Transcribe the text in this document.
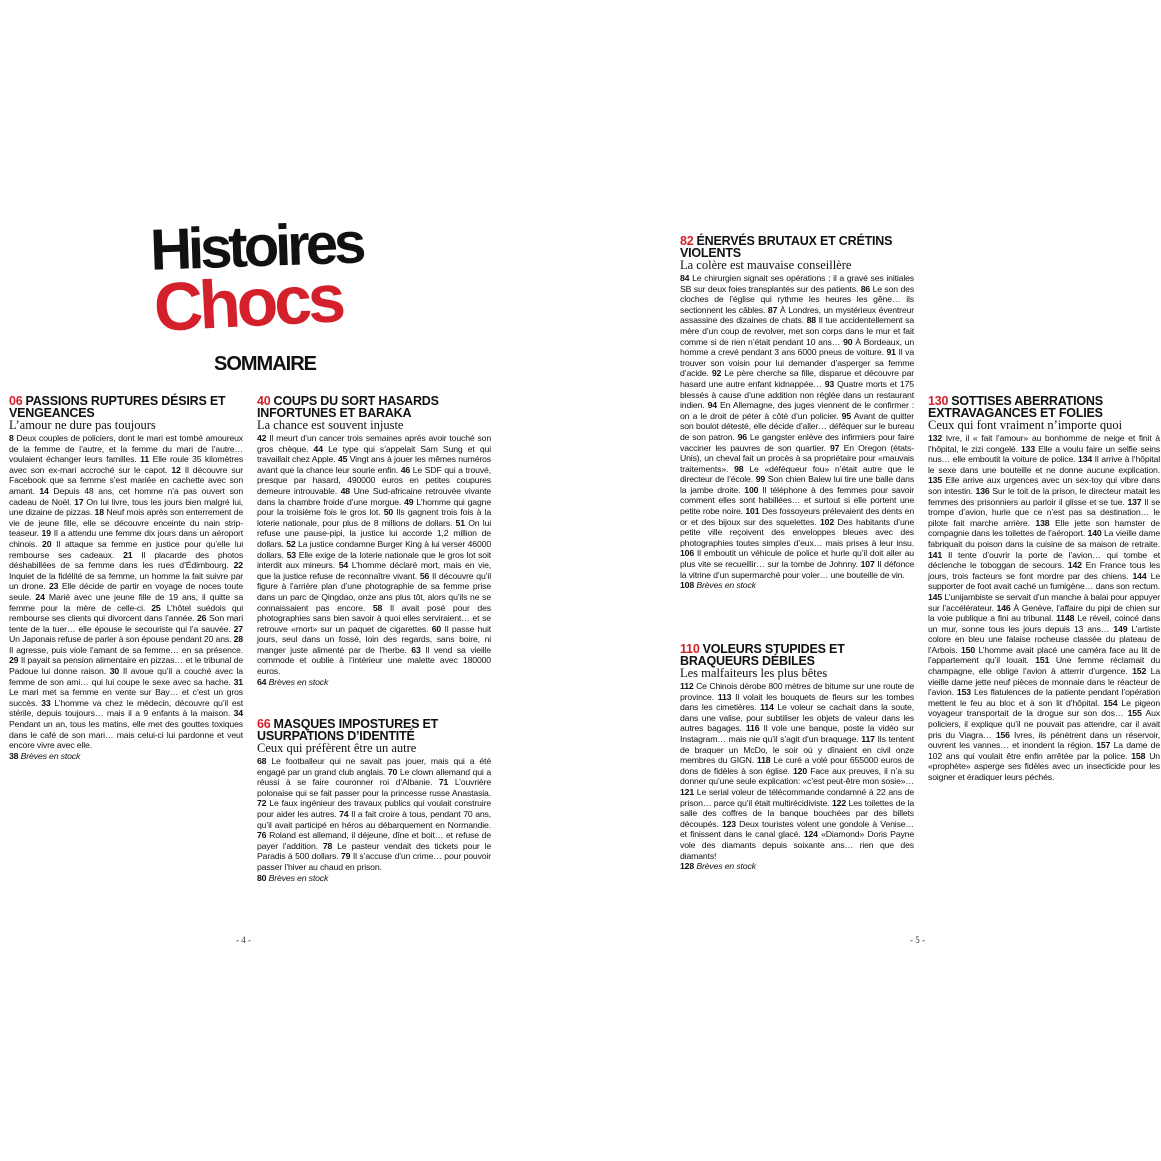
Histoires
Chocs
SOMMAIRE
06 PASSIONS RUPTURES DÉSIRS ET VENGEANCES

L’amour ne dure pas toujours

8 Deux couples de policiers, dont le mari est tombé amoureux de la femme de l’autre, et la femme du mari de l’autre… voulaient échanger leurs familles. 11 Elle roule 35 kilomètres avec son ex-mari accroché sur le capot. 12 Il découvre sur Facebook que sa femme s’est mariée en cachette avec son amant. 14 Depuis 48 ans, cet homme n’a pas ouvert son cadeau de Noël. 17 On lui livre, tous les jours bien malgré lui, une dizaine de pizzas. 18 Neuf mois après son enterrement de vie de jeune fille, elle se découvre enceinte du nain strip-teaseur. 19 Il a attendu une femme dix jours dans un aéroport chinois. 20 Il attaque sa femme en justice pour qu’elle lui rembourse ses cadeaux. 21 Il placarde des photos déshabillées de sa femme dans les rues d’Édimbourg. 22 Inquiet de la fidélité de sa femme, un homme la fait suivre par un drone. 23 Elle décide de partir en voyage de noces toute seule. 24 Marié avec une jeune fille de 19 ans, il quitte sa femme pour la mère de celle-ci. 25 L’hôtel suédois qui rembourse ses clients qui divorcent dans l’année. 26 Son mari tente de la tuer… elle épouse le secouriste qui l’a sauvée. 27 Un Japonais refuse de parler à son épouse pendant 20 ans. 28 Il agresse, puis viole l’amant de sa femme… en sa présence. 29 Il payait sa pension alimentaire en pizzas… et le tribunal de Padoue lui donne raison. 30 Il avoue qu’il a couché avec la femme de son ami… qui lui coupe le sexe avec sa hache. 31 Le mari met sa femme en vente sur Bay… et c’est un gros succès. 33 L’homme va chez le médecin, découvre qu’il est stérile, depuis toujours… mais il a 9 enfants à la maison. 34 Pendant un an, tous les matins, elle met des gouttes toxiques dans le café de son mari… mais celui-ci lui pardonne et veut encore vivre avec elle.
38 Brèves en stock

40 COUPS DU SORT HASARDS INFORTUNES ET BARAKA

La chance est souvent injuste

42 Il meurt d’un cancer trois semaines après avoir touché son gros chèque. 44 Le type qui s’appelait Sam Sung et qui travaillait chez Apple. 45 Vingt ans à jouer les mêmes numéros avant que la chance leur sourie enfin. 46 Le SDF qui a trouvé, presque par hasard, 490000 euros en petites coupures demeure introuvable. 48 Une Sud-africaine retrouvée vivante dans la chambre froide d’une morgue. 49 L’homme qui gagne pour la troisième fois le gros lot. 50 Ils gagnent trois fois à la loterie nationale, pour plus de 8 millions de dollars. 51 On lui refuse une pause-pipi, la justice lui accorde 1,2 million de dollars. 52 La justice condamne Burger King à lui verser 46000 dollars. 53 Elle exige de la loterie nationale que le gros lot soit interdit aux mineurs. 54 L’homme déclaré mort, mais en vie, que la justice refuse de reconnaître vivant. 56 Il découvre qu’il figure à l’arrière plan d’une photographie de sa femme prise dans un parc de Qingdao, onze ans plus tôt, alors qu’ils ne se connaissaient pas encore. 58 Il avait posé pour des photographies sans bien savoir à quoi elles serviraient… et se retrouve «mort» sur un paquet de cigarettes. 60 Il passe huit jours, seul dans un fossé, loin des regards, sans boire, ni manger juste alimenté par de l’herbe. 63 Il vend sa vieille commode et oublie à l’intérieur une malette avec 180000 euros.
64 Brèves en stock

66 MASQUES IMPOSTURES ET USURPATIONS D’IDENTITÉ

Ceux qui préfèrent être un autre

68 Le footballeur qui ne savait pas jouer, mais qui a été engagé par un grand club anglais. 70 Le clown allemand qui a réussi à se faire couronner roi d’Albanie. 71 L’ouvrière polonaise qui se fait passer pour la princesse russe Anastasia. 72 Le faux ingénieur des travaux publics qui voulait construire pour aider les autres. 74 Il a fait croire à tous, pendant 70 ans, qu’il avait participé en héros au débarquement en Normandie. 76 Roland est allemand, il déjeune, dîne et boit… et refuse de payer l’addition. 78 Le pasteur vendait des tickets pour le Paradis à 500 dollars. 79 Il s’accuse d’un crime… pour pouvoir passer l’hiver au chaud en prison.
80 Brèves en stock

82 ÉNERVÉS BRUTAUX ET CRÉTINS VIOLENTS

La colère est mauvaise conseillère

84 Le chirurgien signait ses opérations : il a gravé ses initiales SB sur deux foies transplantés sur des patients. 86 Le son des cloches de l’église qui rythme les heures les gêne… ils sectionnent les câbles. 87 À Londres, un mystérieux éventreur assassine des dizaines de chats. 88 Il tue accidentellement sa mère d’un coup de revolver, met son corps dans le mur et fait comme si de rien n’était pendant 10 ans… 90 À Bordeaux, un homme a crevé pendant 3 ans 6000 pneus de voiture. 91 Il va trouver son voisin pour lui demander d’asperger sa femme d’acide. 92 Le père cherche sa fille, disparue et découvre par hasard une autre enfant kidnappée… 93 Quatre morts et 175 blessés à cause d’une addition non réglée dans un restaurant indien. 94 En Allemagne, des juges viennent de le confirmer : on a le droit de péter à côté d’un policier. 95 Avant de quitter son boulot détesté, elle décide d’aller… déféquer sur le bureau de son patron. 96 Le gangster enlève des infirmiers pour faire vacciner les pauvres de son quartier. 97 En Oregon (états-Unis), un cheval fait un procès à sa propriétaire pour «mauvais traitements». 98 Le «déféqueur fou» n’était autre que le directeur de l’école. 99 Son chien Balew lui tire une balle dans la jambe droite. 100 Il téléphone à des femmes pour savoir comment elles sont habillées… et surtout si elle portent une petite robe noire. 101 Des fossoyeurs prélevaient des dents en or et des bijoux sur des squelettes. 102 Des habitants d’une petite ville reçoivent des enveloppes bleues avec des photographies toutes simples d’eux… mais prises à leur insu. 106 Il emboutit un véhicule de police et hurle qu’il doit aller au plus vite se recueillir… sur la tombe de Johnny. 107 Il défonce la vitrine d’un supermarché pour voler… une bouteille de vin.
108 Brèves en stock

110 VOLEURS STUPIDES ET BRAQUEURS DÉBILES

Les malfaiteurs les plus bêtes

112 Ce Chinois dérobe 800 mètres de bitume sur une route de province. 113 Il volait les bouquets de fleurs sur les tombes dans les cimetières. 114 Le voleur se cachait dans la soute, dans une valise, pour subtiliser les objets de valeur dans les autres bagages. 116 Il vole une banque, poste la vidéo sur Instagram… mais nie qu’il s’agit d’un braquage. 117 Ils tentent de braquer un McDo, le soir où y dînaient en civil onze membres du GIGN. 118 Le curé a volé pour 655000 euros de dons de fidèles à son église. 120 Face aux preuves, il n’a su donner qu’une seule explication: «c’est peut-être mon sosie»… 121 Le serial voleur de télécommande condamné à 22 ans de prison… parce qu’il était multirécidiviste. 122 Les toilettes de la salle des coffres de la banque bouchées par des billets découpés. 123 Deux touristes volent une gondole à Venise… et finissent dans le canal glacé. 124 «Diamond» Doris Payne vole des diamants depuis soixante ans… rien que des diamants!
128 Brèves en stock

130 SOTTISES ABERRATIONS EXTRAVAGANCES ET FOLIES

Ceux qui font vraiment n’importe quoi

132 Ivre, il « fait l’amour» au bonhomme de neige et finit à l’hôpital, le zizi congelé. 133 Elle a voulu faire un selfie seins nus… elle emboutit la voiture de police. 134 Il arrive à l’hôpital le sexe dans une bouteille et ne donne aucune explication. 135 Elle arrive aux urgences avec un sex-toy qui vibre dans son intestin. 136 Sur le toit de la prison, le directeur matait les femmes des prisonniers au parloir il glisse et se tue. 137 Il se trompe d’avion, hurle que ce n’est pas sa destination… le pilote fait marche arrière. 138 Elle jette son hamster de compagnie dans les toilettes de l’aéroport. 140 La vieille dame fabriquait du poison dans la cuisine de sa maison de retraite. 141 Il tente d’ouvrir la porte de l’avion… qui tombe et déclenche le toboggan de secours. 142 En France tous les jours, trois facteurs se font mordre par des chiens. 144 Le supporter de foot avait caché un fumigène… dans son rectum. 145 L’unijambiste se servait d’un manche à balai pour appuyer sur l’accélérateur. 146 À Genève, l’affaire du pipi de chien sur la voie publique a fini au tribunal. 1148 Le réveil, coincé dans un mur, sonne tous les jours depuis 13 ans… 149 L’artiste colore en bleu une falaise rocheuse classée du plateau de l’Arbois. 150 L’homme avait placé une caméra face au lit de l’appartement qu’il louait. 151 Une femme réclamait du champagne, elle oblige l’avion à atterrir d’urgence. 152 La vieille dame jette neuf pièces de monnaie dans le réacteur de l’avion. 153 Les flatulences de la patiente pendant l’opération mettent le feu au bloc et à son lit d’hôpital. 154 Le pigeon voyageur transportait de la drogue sur son dos… 155 Aux policiers, il explique qu’il ne pouvait pas attendre, car il avait pris du Viagra… 156 Ivres, ils pénètrent dans un réservoir, ouvrent les vannes… et inondent la région. 157 La dame de 102 ans qui voulait être enfin arrêtée par la police. 158 Un «prophète» asperge ses fidèles avec un insecticide pour les soigner et éradiquer leurs péchés.

- 4 -	- 5 -
